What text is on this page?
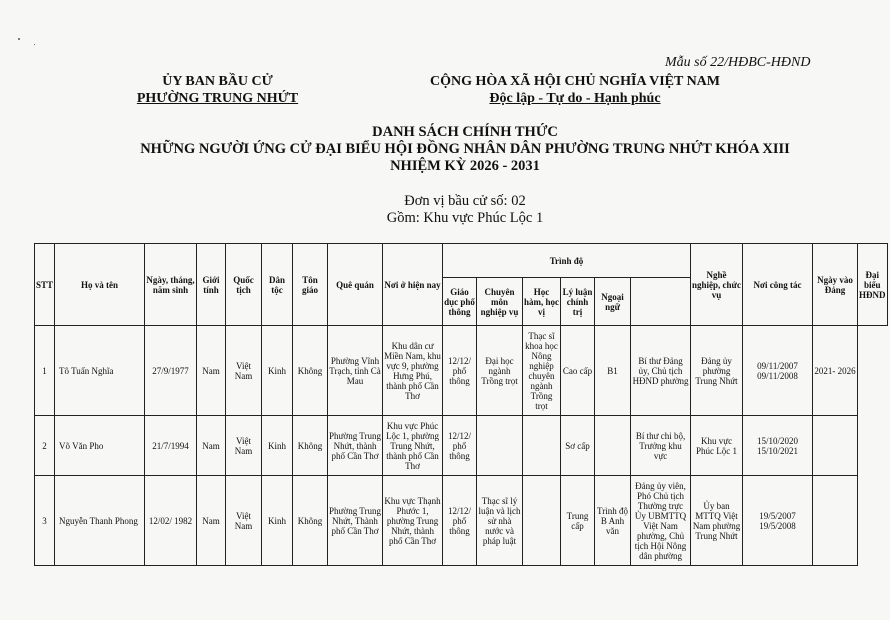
Mẫu số 22/HĐBC-HĐND
ỦY BAN BẦU CỬ
PHƯỜNG TRUNG NHỨT
CỘNG HÒA XÃ HỘI CHỦ NGHĨA VIỆT NAM
Độc lập - Tự do - Hạnh phúc
DANH SÁCH CHÍNH THỨC
NHỮNG NGƯỜI ỨNG CỬ ĐẠI BIỂU HỘI ĐỒNG NHÂN DÂN PHƯỜNG TRUNG NHỨT KHÓA XIII
NHIỆM KỲ 2026 - 2031
Đơn vị bầu cử số: 02
Gồm: Khu vực Phúc Lộc 1
STT	Họ và tên	Ngày, tháng, năm sinh	Giới tính	Quốc tịch	Dân tộc	Tôn giáo	Quê quán	Nơi ở hiện nay	Trình độ						Nghề nghiệp, chức vụ	Nơi công tác	Ngày vào Đảng	Đại biểu HĐND
									Giáo dục phổ thông	Chuyên môn nghiệp vụ	Học hàm, học vị	Lý luận chính trị	Ngoại ngữ					
1	Tô Tuấn Nghĩa	27/9/1977	Nam	Việt Nam	Kinh	Không	Phường Vĩnh Trạch, tỉnh Cà Mau	Khu dân cư Miền Nam, khu vực 9, phường Hưng Phú, thành phố Cần Thơ	12/12/ phổ thông	Đại học ngành Trồng trọt	Thạc sĩ khoa học Nông nghiệp chuyên ngành Trồng trọt	Cao cấp	B1	Bí thư Đảng ủy, Chủ tịch HĐND phường	Đảng ủy phường Trung Nhứt	09/11/2007 09/11/2008	2021- 2026	
2	Võ Văn Pho	21/7/1994	Nam	Việt Nam	Kinh	Không	Phường Trung Nhứt, thành phố Cần Thơ	Khu vực Phúc Lộc 1, phường Trung Nhứt, thành phố Cần Thơ	12/12/ phổ thông			Sơ cấp		Bí thư chi bộ, Trưởng khu vực	Khu vực Phúc Lộc 1	15/10/2020 15/10/2021		
3	Nguyễn Thanh Phong	12/02/ 1982	Nam	Việt Nam	Kinh	Không	Phường Trung Nhứt, Thành phố Cần Thơ	Khu vực Thạnh Phước 1, phường Trung Nhứt, thành phố Cần Thơ	12/12/ phổ thông	Thạc sĩ lý luận và lịch sử nhà nước và pháp luật		Trung cấp	Trình độ B Anh văn	Đảng ủy viên, Phó Chủ tịch Thường trực Ủy UBMTTQ Việt Nam phường, Chủ tịch Hội Nông dân phường	Ủy ban MTTQ Việt Nam phường Trung Nhứt	19/5/2007 19/5/2008		
